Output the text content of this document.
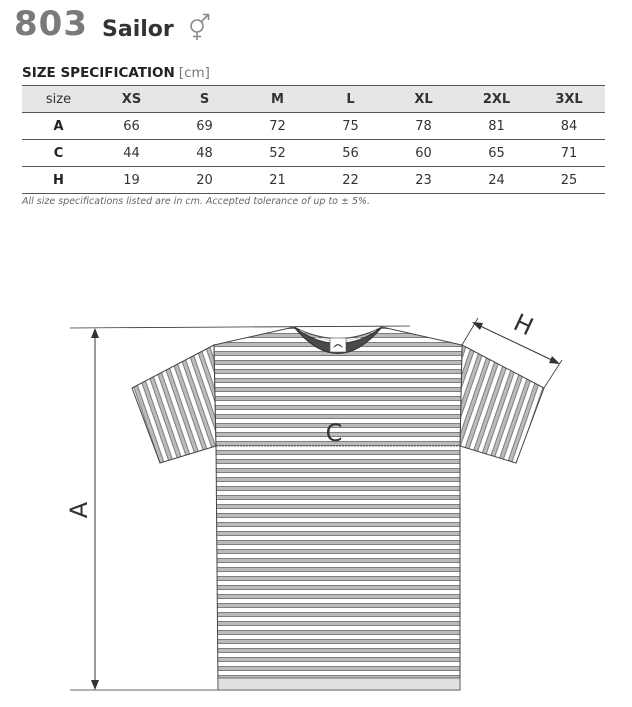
803 Sailor
SIZE SPECIFICATION [cm]
size	XS	S	M	L	XL	2XL	3XL
A	66	69	72	75	78	81	84
C	44	48	52	56	60	65	71
H	19	20	21	22	23	24	25
All size specifications listed are in cm. Accepted tolerance of up to ± 5%.
A
C
H
